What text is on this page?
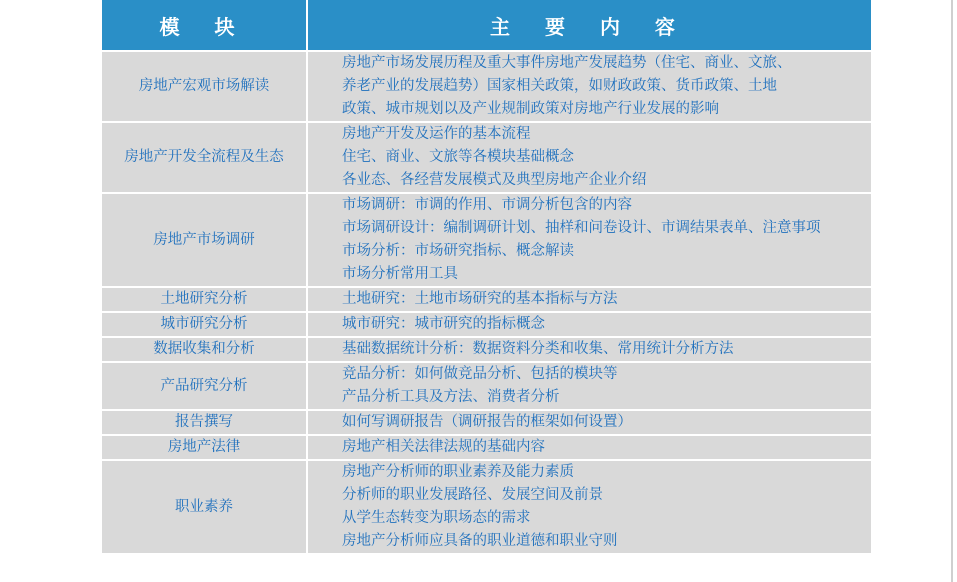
模 块	主 要 内 容
房地产宏观市场解读	房地产市场发展历程及重大事件房地产发展趋势（住宅、商业、文旅、
养老产业的发展趋势）国家相关政策，如财政政策、货币政策、土地
政策、城市规划以及产业规制政策对房地产行业发展的影响

房地产开发全流程及生态	房地产开发及运作的基本流程
住宅、商业、文旅等各模块基础概念
各业态、各经营发展模式及典型房地产企业介绍

房地产市场调研	市场调研：市调的作用、市调分析包含的内容
市场调研设计：编制调研计划、抽样和问卷设计、市调结果表单、注意事项
市场分析：市场研究指标、概念解读
市场分析常用工具

土地研究分析	土地研究：土地市场研究的基本指标与方法

城市研究分析	城市研究：城市研究的指标概念

数据收集和分析	基础数据统计分析：数据资料分类和收集、常用统计分析方法

产品研究分析	竞品分析：如何做竞品分析、包括的模块等
产品分析工具及方法、消费者分析

报告撰写	如何写调研报告（调研报告的框架如何设置）

房地产法律	房地产相关法律法规的基础内容

职业素养	房地产分析师的职业素养及能力素质
分析师的职业发展路径、发展空间及前景
从学生态转变为职场态的需求
房地产分析师应具备的职业道德和职业守则
